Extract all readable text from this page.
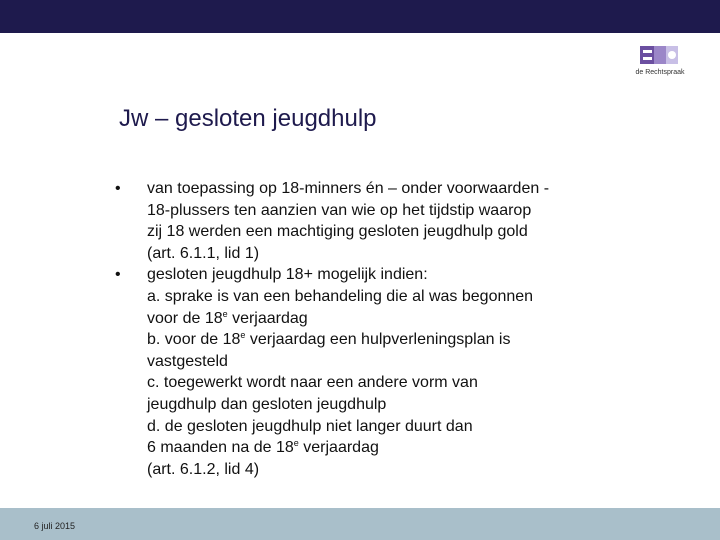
de Rechtspraak
Jw – gesloten jeugdhulp
•	van toepassing op 18-minners én – onder voorwaarden -
18-plussers ten aanzien van wie op het tijdstip waarop
zij 18 werden een machtiging gesloten jeugdhulp gold
(art. 6.1.1, lid 1)
•	gesloten jeugdhulp 18+ mogelijk indien:
a. sprake is van een behandeling die al was begonnen
voor de 18e verjaardag
b. voor de 18e verjaardag een hulpverleningsplan is
vastgesteld
c. toegewerkt wordt naar een andere vorm van
jeugdhulp dan gesloten jeugdhulp
d. de gesloten jeugdhulp niet langer duurt dan
6 maanden na de 18e verjaardag
(art. 6.1.2, lid 4)
6 juli 2015
